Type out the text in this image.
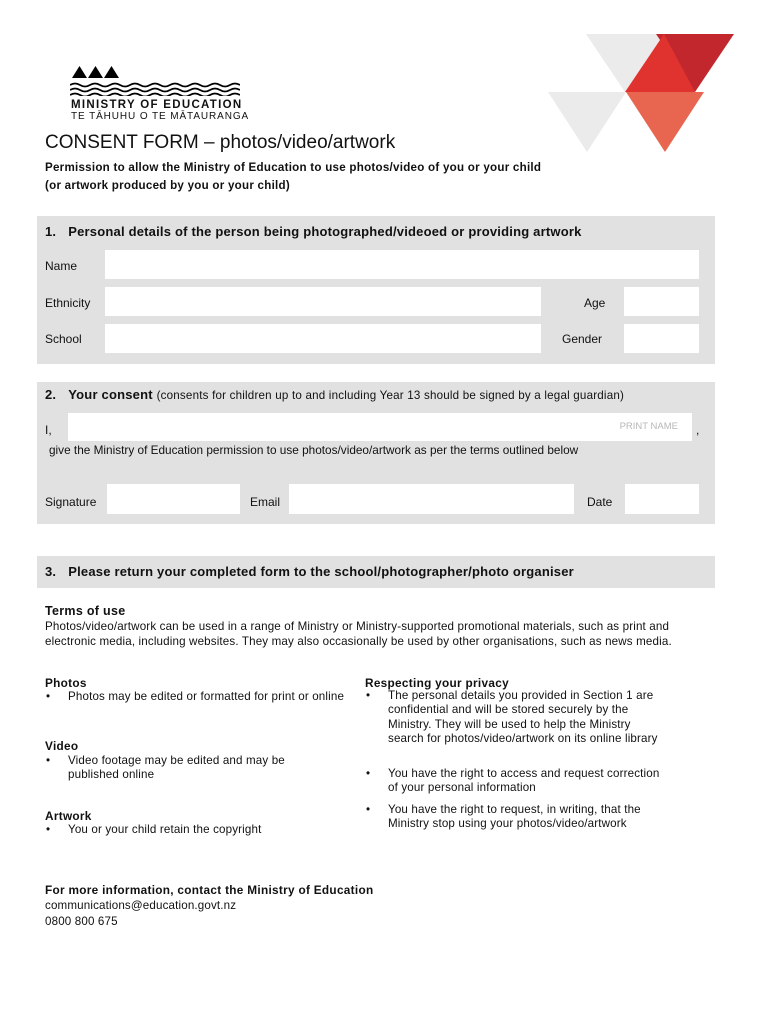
MINISTRY OF EDUCATION
TE TĀHUHU O TE MĀTAURANGA
CONSENT FORM – photos/video/artwork
Permission to allow the Ministry of Education to use photos/video of you or your child
(or artwork produced by you or your child)
1. Personal details of the person being photographed/videoed or providing artwork
Name
Ethnicity	Age
School	Gender
2. Your consent (consents for children up to and including Year 13 should be signed by a legal guardian)
I,	PRINT NAME	,
give the Ministry of Education permission to use photos/video/artwork as per the terms outlined below
Signature	Email	Date
3. Please return your completed form to the school/photographer/photo organiser
Terms of use
Photos/video/artwork can be used in a range of Ministry or Ministry-supported promotional materials, such as print and electronic media, including websites. They may also occasionally be used by other organisations, such as news media.
Photos
• Photos may be edited or formatted for print or online
Video
• Video footage may be edited and may be published online
Artwork
• You or your child retain the copyright
Respecting your privacy
• The personal details you provided in Section 1 are confidential and will be stored securely by the Ministry. They will be used to help the Ministry search for photos/video/artwork on its online library
• You have the right to access and request correction of your personal information
• You have the right to request, in writing, that the Ministry stop using your photos/video/artwork
For more information, contact the Ministry of Education
communications@education.govt.nz
0800 800 675
